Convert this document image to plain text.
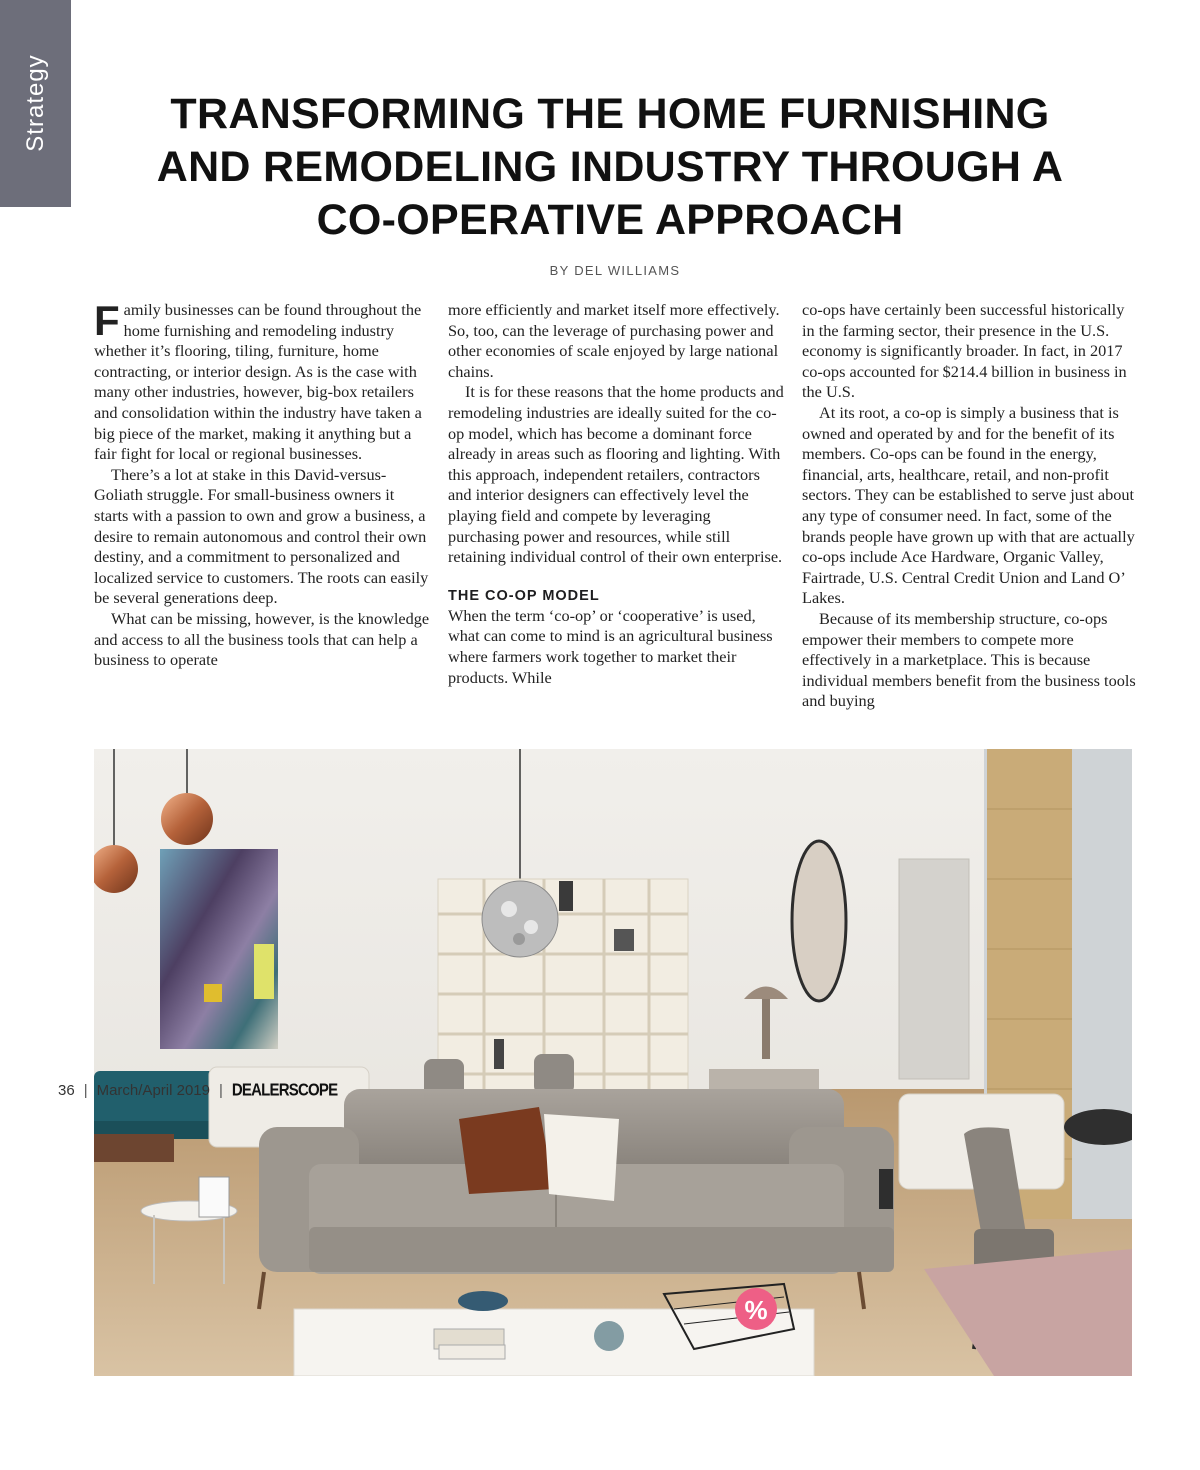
Strategy	TRANSFORMING THE HOME FURNISHING
AND REMODELING INDUSTRY THROUGH A
CO-OPERATIVE APPROACH
BY DEL WILLIAMS

Family businesses can be found throughout the home furnishing and remodeling industry whether it’s flooring, tiling, furniture, home contracting, or interior design. As is the case with many other industries, however, big-box retailers and consolidation within the industry have taken a big piece of the market, making it anything but a fair fight for local or regional businesses.

There’s a lot at stake in this David-versus-Goliath struggle. For small-business owners it starts with a passion to own and grow a business, a desire to remain autonomous and control their own destiny, and a commitment to personalized and localized service to customers. The roots can easily be several generations deep.

What can be missing, however, is the knowledge and access to all the business tools that can help a business to operate

more efficiently and market itself more effectively. So, too, can the leverage of purchasing power and other economies of scale enjoyed by large national chains.

It is for these reasons that the home products and remodeling industries are ideally suited for the co-op model, which has become a dominant force already in areas such as flooring and lighting. With this approach, independent retailers, contractors and interior designers can effectively level the playing field and compete by leveraging purchasing power and resources, while still retaining individual control of their own enterprise.

THE CO-OP MODEL

When the term ‘co-op’ or ‘cooperative’ is used, what can come to mind is an agricultural business where farmers work together to market their products. While

co-ops have certainly been successful historically in the farming sector, their presence in the U.S. economy is significantly broader. In fact, in 2017 co-ops accounted for $214.4 billion in business in the U.S.

At its root, a co-op is simply a business that is owned and operated by and for the benefit of its members. Co-ops can be found in the energy, financial, arts, healthcare, retail, and non-profit sectors. They can be established to serve just about any type of consumer need. In fact, some of the brands people have grown up with that are actually co-ops include Ace Hardware, Organic Valley, Fairtrade, U.S. Central Credit Union and Land O’ Lakes.

Because of its membership structure, co-ops empower their members to compete more effectively in a marketplace. This is because individual members benefit from the business tools and buying

%
36 | March/April 2019 | DEALERSCOPE
